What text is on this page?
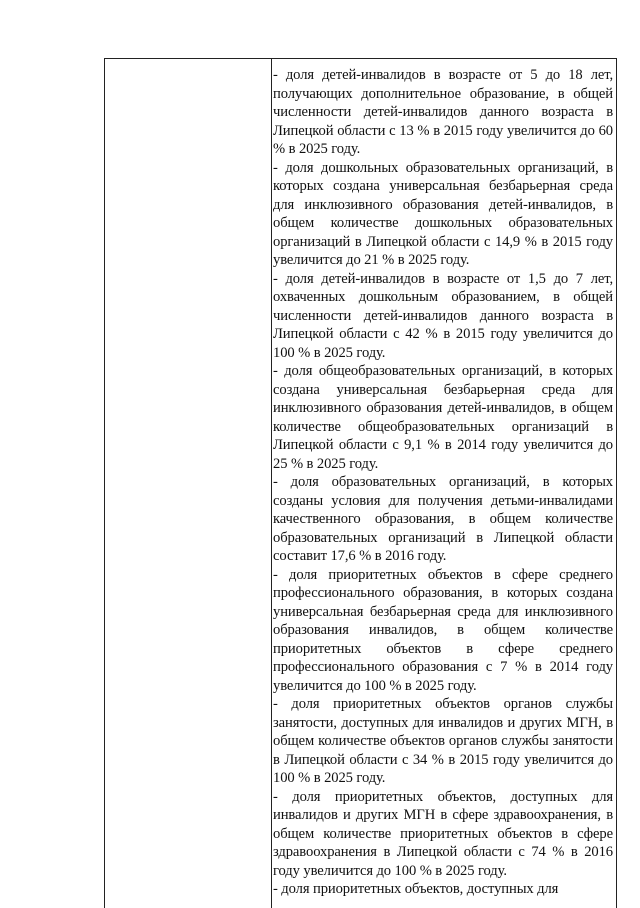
- доля детей-инвалидов в возрасте от 5 до 18 лет, получающих дополнительное образование, в общей численности детей-инвалидов данного возраста в Липецкой области с 13 % в 2015 году увеличится до 60 % в 2025 году.

- доля дошкольных образовательных организаций, в которых создана универсальная безбарьерная среда для инклюзивного образования детей-инвалидов, в общем количестве дошкольных образовательных организаций в Липецкой области с 14,9 % в 2015 году увеличится до 21 % в 2025 году.

- доля детей-инвалидов в возрасте от 1,5 до 7 лет, охваченных дошкольным образованием, в общей численности детей-инвалидов данного возраста в Липецкой области с 42 % в 2015 году увеличится до 100 % в 2025 году.

- доля общеобразовательных организаций, в которых создана универсальная безбарьерная среда для инклюзивного образования детей-инвалидов, в общем количестве общеобразовательных организаций в Липецкой области с 9,1 % в 2014 году увеличится до 25 % в 2025 году.

- доля образовательных организаций, в которых созданы условия для получения детьми-инвалидами качественного образования, в общем количестве образовательных организаций в Липецкой области составит 17,6 % в 2016 году.

- доля приоритетных объектов в сфере среднего профессионального образования, в которых создана универсальная безбарьерная среда для инклюзивного образования инвалидов, в общем количестве приоритетных объектов в сфере среднего профессионального образования с 7 % в 2014 году увеличится до 100 % в 2025 году.

- доля приоритетных объектов органов службы занятости, доступных для инвалидов и других МГН, в общем количестве объектов органов службы занятости в Липецкой области с 34 % в 2015 году увеличится до 100 % в 2025 году.

- доля приоритетных объектов, доступных для инвалидов и других МГН в сфере здравоохранения, в общем количестве приоритетных объектов в сфере здравоохранения в Липецкой области с 74 % в 2016 году увеличится до 100 % в 2025 году.

- доля приоритетных объектов, доступных для
